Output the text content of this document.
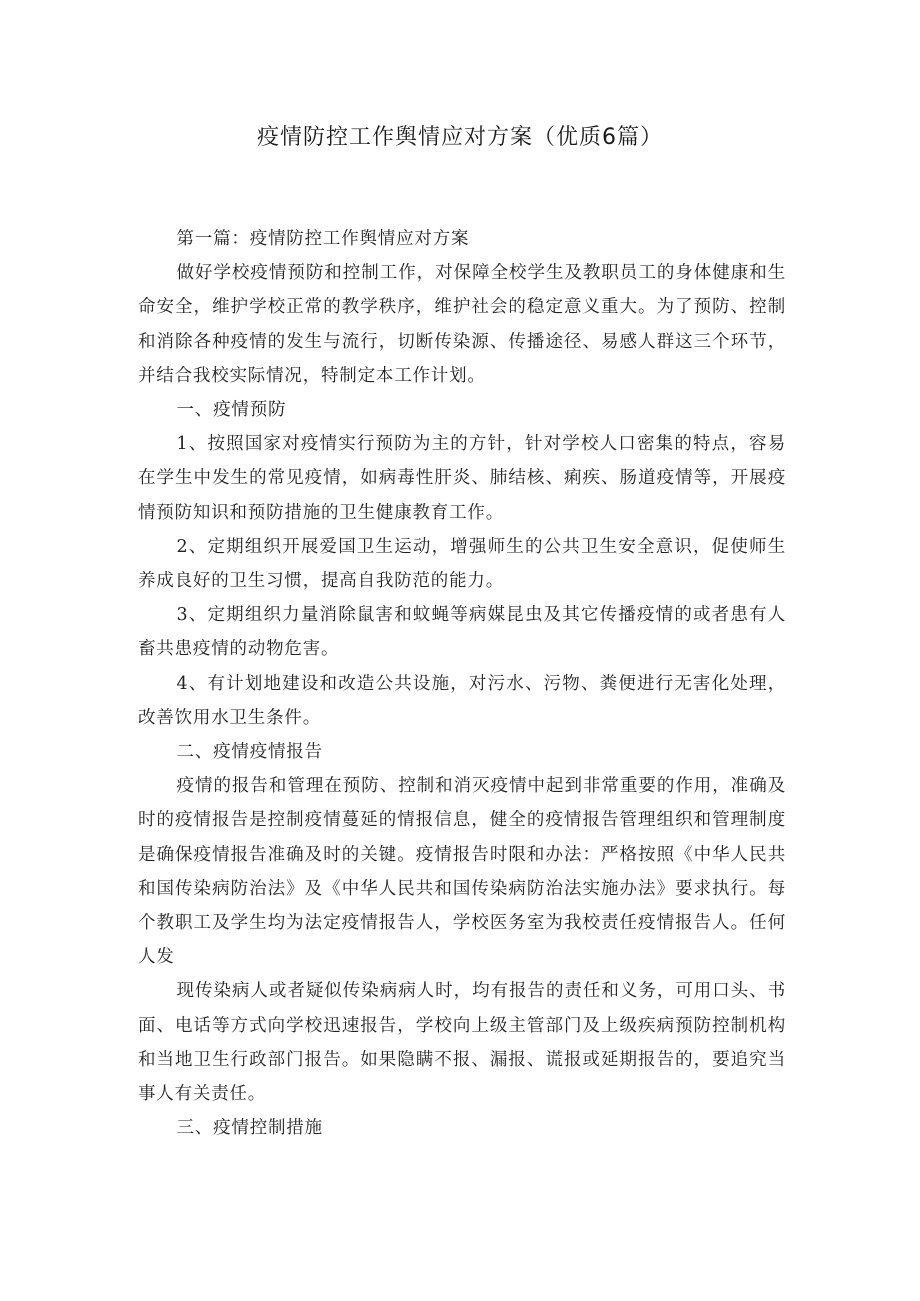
疫情防控工作舆情应对方案（优质6篇）

第一篇：疫情防控工作舆情应对方案

做好学校疫情预防和控制工作，对保障全校学生及教职员工的身体健康和生命安全，维护学校正常的教学秩序，维护社会的稳定意义重大。为了预防、控制和消除各种疫情的发生与流行，切断传染源、传播途径、易感人群这三个环节，并结合我校实际情况，特制定本工作计划。

一、疫情预防

1、按照国家对疫情实行预防为主的方针，针对学校人口密集的特点，容易在学生中发生的常见疫情，如病毒性肝炎、肺结核、痢疾、肠道疫情等，开展疫情预防知识和预防措施的卫生健康教育工作。

2、定期组织开展爱国卫生运动，增强师生的公共卫生安全意识，促使师生养成良好的卫生习惯，提高自我防范的能力。

3、定期组织力量消除鼠害和蚊蝇等病媒昆虫及其它传播疫情的或者患有人畜共患疫情的动物危害。

4、有计划地建设和改造公共设施，对污水、污物、粪便进行无害化处理，改善饮用水卫生条件。

二、疫情疫情报告

疫情的报告和管理在预防、控制和消灭疫情中起到非常重要的作用，准确及时的疫情报告是控制疫情蔓延的情报信息，健全的疫情报告管理组织和管理制度是确保疫情报告准确及时的关键。疫情报告时限和办法：严格按照《中华人民共和国传染病防治法》及《中华人民共和国传染病防治法实施办法》要求执行。每个教职工及学生均为法定疫情报告人，学校医务室为我校责任疫情报告人。任何人发

现传染病人或者疑似传染病病人时，均有报告的责任和义务，可用口头、书面、电话等方式向学校迅速报告，学校向上级主管部门及上级疾病预防控制机构和当地卫生行政部门报告。如果隐瞒不报、漏报、谎报或延期报告的，要追究当事人有关责任。

三、疫情控制措施
